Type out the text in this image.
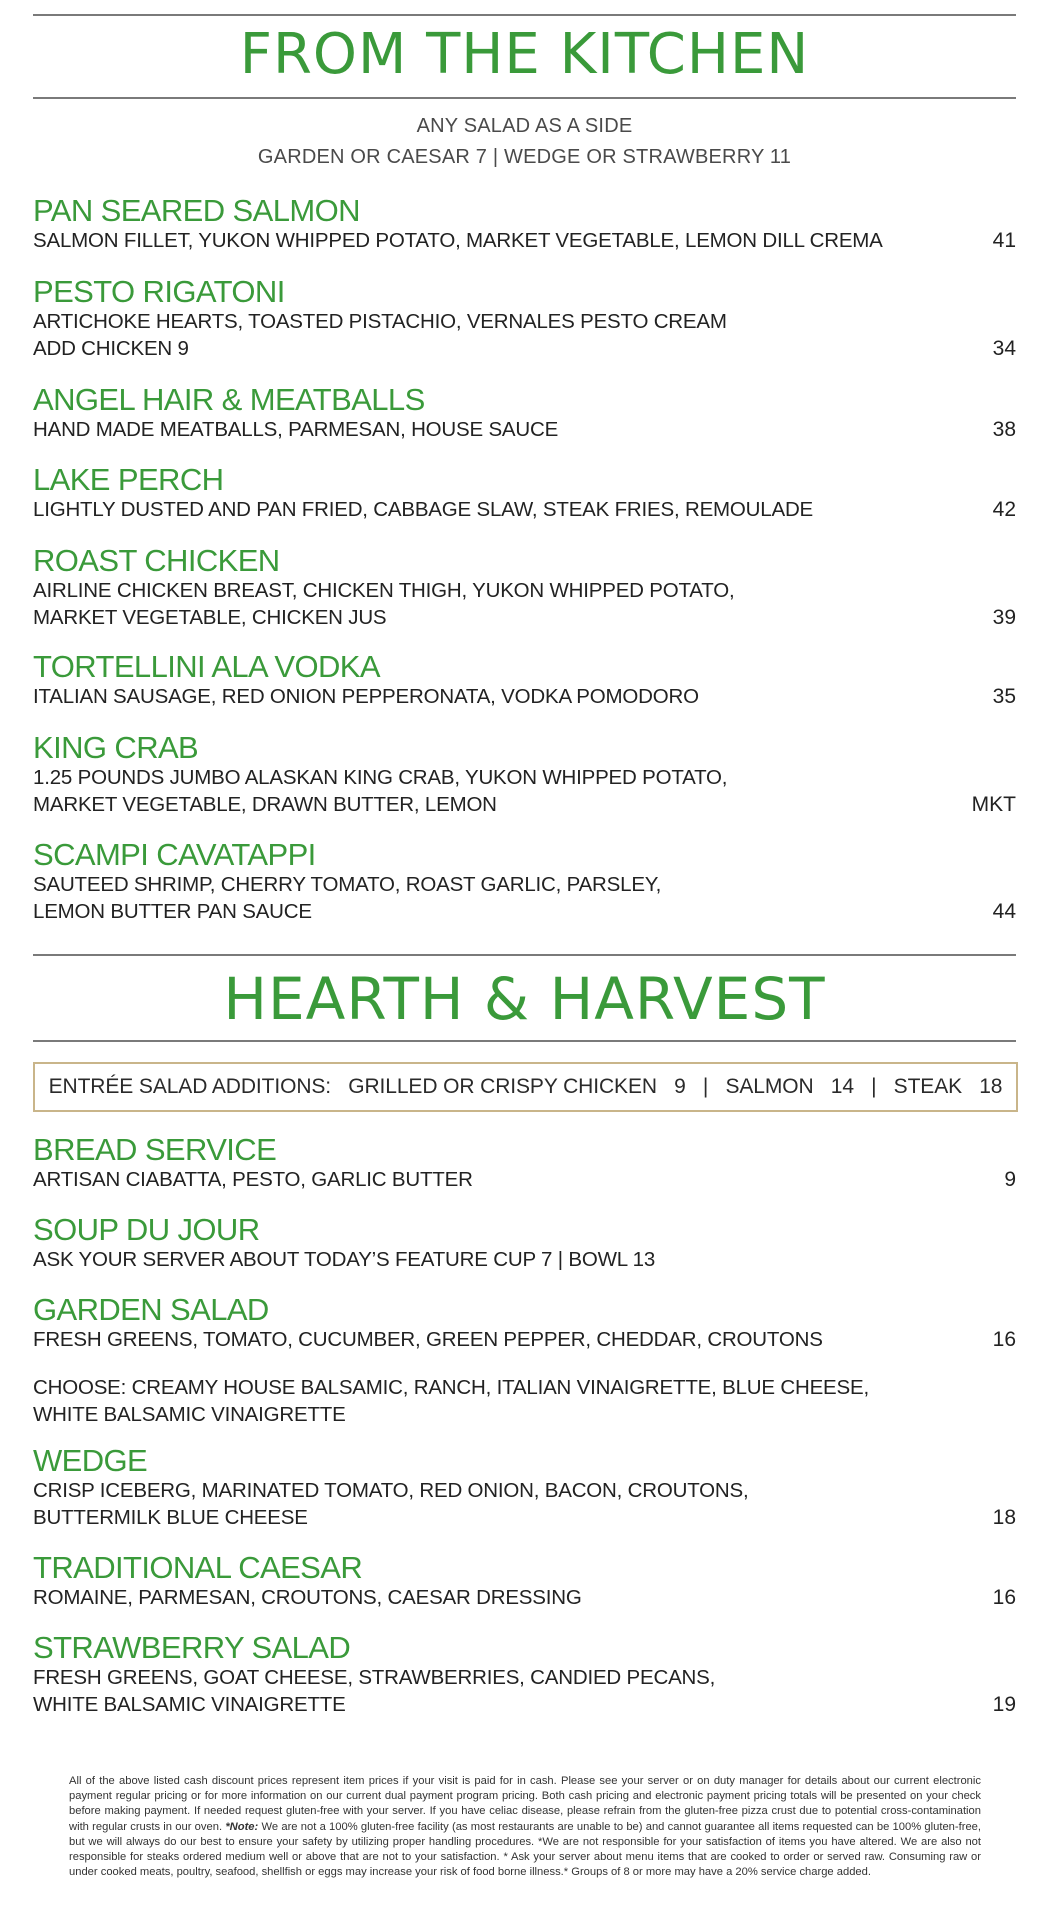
FROM THE KITCHEN
ANY SALAD AS A SIDE
GARDEN OR CAESAR 7 | WEDGE OR STRAWBERRY 11
PAN SEARED SALMON
SALMON FILLET, YUKON WHIPPED POTATO, MARKET VEGETABLE, LEMON DILL CREMA	41
PESTO RIGATONI
ARTICHOKE HEARTS, TOASTED PISTACHIO, VERNALES PESTO CREAM
ADD CHICKEN 9	34
ANGEL HAIR & MEATBALLS
HAND MADE MEATBALLS, PARMESAN, HOUSE SAUCE	38
LAKE PERCH
LIGHTLY DUSTED AND PAN FRIED, CABBAGE SLAW, STEAK FRIES, REMOULADE	42
ROAST CHICKEN
AIRLINE CHICKEN BREAST, CHICKEN THIGH, YUKON WHIPPED POTATO,
MARKET VEGETABLE, CHICKEN JUS	39
TORTELLINI ALA VODKA
ITALIAN SAUSAGE, RED ONION PEPPERONATA, VODKA POMODORO	35
KING CRAB
1.25 POUNDS JUMBO ALASKAN KING CRAB, YUKON WHIPPED POTATO,
MARKET VEGETABLE, DRAWN BUTTER, LEMON	MKT
SCAMPI CAVATAPPI
SAUTEED SHRIMP, CHERRY TOMATO, ROAST GARLIC, PARSLEY,
LEMON BUTTER PAN SAUCE	44
HEARTH & HARVEST
ENTRÉE SALAD ADDITIONS:   GRILLED OR CRISPY CHICKEN   9   |   SALMON   14   |   STEAK   18
BREAD SERVICE
ARTISAN CIABATTA, PESTO, GARLIC BUTTER	9
SOUP DU JOUR
ASK YOUR SERVER ABOUT TODAY’S FEATURE CUP 7 | BOWL 13
GARDEN SALAD
FRESH GREENS, TOMATO, CUCUMBER, GREEN PEPPER, CHEDDAR, CROUTONS	16
CHOOSE: CREAMY HOUSE BALSAMIC, RANCH, ITALIAN VINAIGRETTE, BLUE CHEESE,
WHITE BALSAMIC VINAIGRETTE
WEDGE
CRISP ICEBERG, MARINATED TOMATO, RED ONION, BACON, CROUTONS,
BUTTERMILK BLUE CHEESE	18
TRADITIONAL CAESAR
ROMAINE, PARMESAN, CROUTONS, CAESAR DRESSING	16
STRAWBERRY SALAD
FRESH GREENS, GOAT CHEESE, STRAWBERRIES, CANDIED PECANS,
WHITE BALSAMIC VINAIGRETTE	19
All of the above listed cash discount prices represent item prices if your visit is paid for in cash. Please see your server or on duty manager for details about our current electronic payment regular pricing or for more information on our current dual payment program pricing. Both cash pricing and electronic payment pricing totals will be presented on your check before making payment. If needed request gluten-free with your server. If you have celiac disease, please refrain from the gluten-free pizza crust due to potential cross-contamination with regular crusts in our oven. *Note: We are not a 100% gluten-free facility (as most restaurants are unable to be) and cannot guarantee all items requested can be 100% gluten-free, but we will always do our best to ensure your safety by utilizing proper handling procedures. *We are not responsible for your satisfaction of items you have altered. We are also not responsible for steaks ordered medium well or above that are not to your satisfaction. * Ask your server about menu items that are cooked to order or served raw. Consuming raw or under cooked meats, poultry, seafood, shellfish or eggs may increase your risk of food borne illness.* Groups of 8 or more may have a 20% service charge added.
